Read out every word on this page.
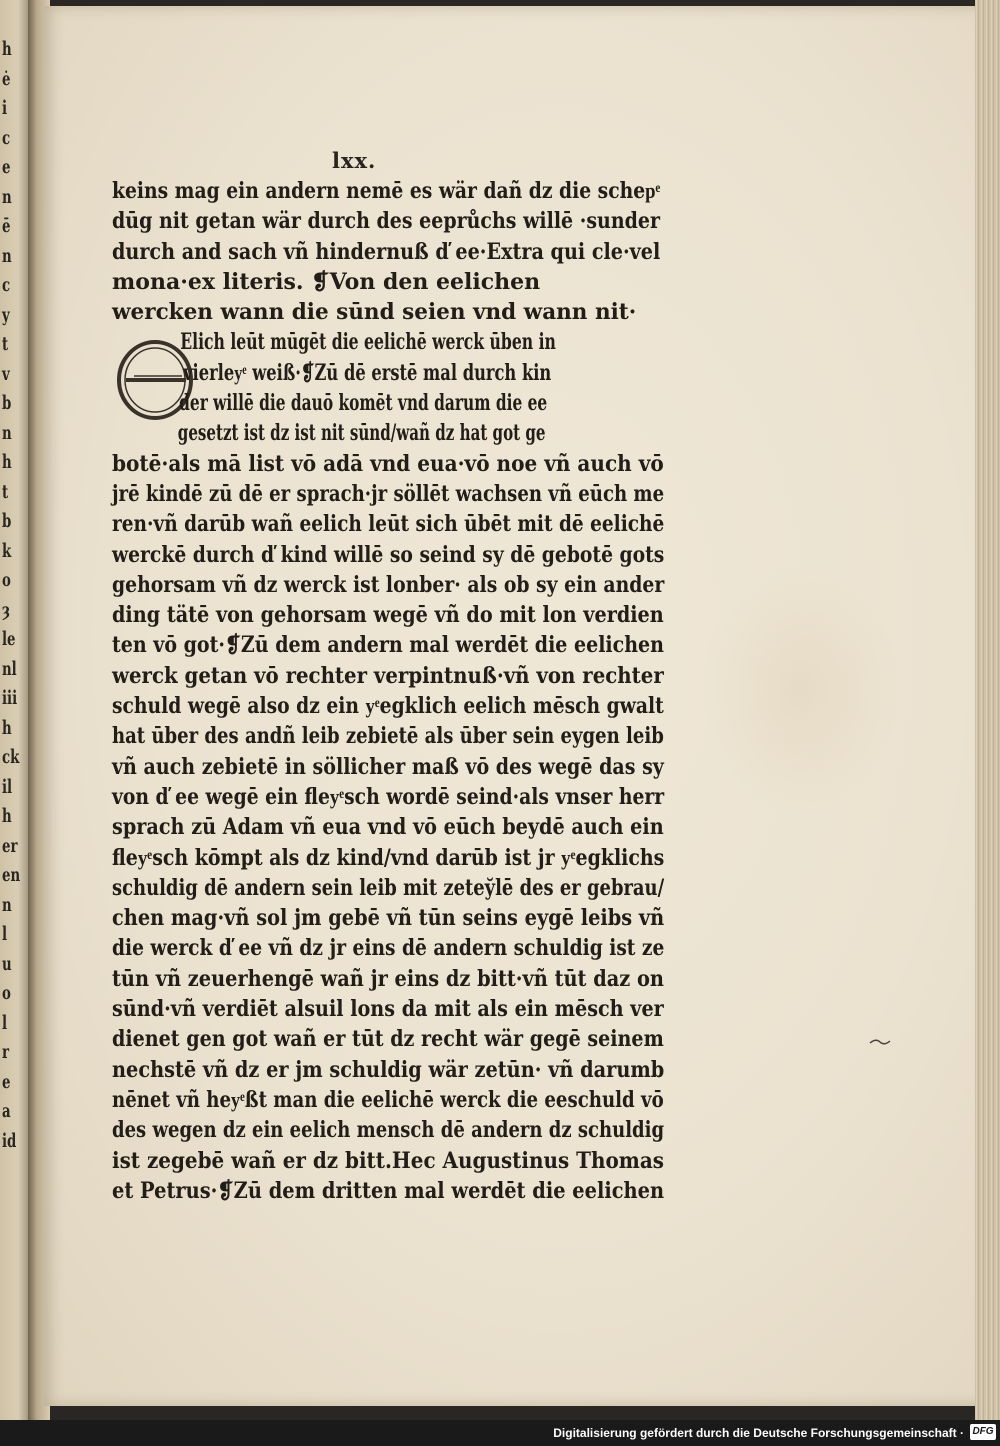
h
ė
i
c
e
n
ē
n
c
y
t
v
b
n
h
t
b
k
o
ȝ
le
nl
iii
h
ck
il
h
er
en
n
l
u
o
l
r
e
a
id
lxx.
E
keins mag ein andern nemē es wär dañ dz die schepͤ
dūg nit getan wär durch des eeprůchs willē ·sunder
durch and sach vñ hindernuß ď ee·Extra qui cle·vel
mona·ex literis. ❡Von den eelichen
wercken wann die sūnd seien vnd wann nit·
Elich leūt mūgēt die eelichē werck ūben in
vierleyͤ weiß·❡Zū dē erstē mal durch kin
der willē die dauō komēt vnd darum die ee
gesetzt ist dz ist nit sūnd/wañ dz hat got ge
botē·als mā list vō adā vnd eua·vō noe vñ auch vō
jrē kindē zū dē er sprach·jr söllēt wachsen vñ eūch me
ren·vñ darūb wañ eelich leūt sich ūbēt mit dē eelichē
werckē durch ď kind willē so seind sy dē gebotē gots
gehorsam vñ dz werck ist lonber· als ob sy ein ander
ding tätē von gehorsam wegē vñ do mit lon verdien
ten vō got·❡Zū dem andern mal werdēt die eelichen
werck getan vō rechter verpintnuß·vñ von rechter
schuld wegē also dz ein yͤegklich eelich mēsch gwalt
hat ūber des andñ leib zebietē als ūber sein eygen leib
vñ auch zebietē in söllicher maß vō des wegē das sy
von ď ee wegē ein fleyͤsch wordē seind·als vnser herr
sprach zū Adam vñ eua vnd vō eūch beydē auch ein
fleyͤsch kōmpt als dz kind/vnd darūb ist jr yͤegklichs
schuldig dē andern sein leib mit zetey̆lē des er gebrau/
chen mag·vñ sol jm gebē vñ tūn seins eygē leibs vñ
die werck ď ee vñ dz jr eins dē andern schuldig ist ze
tūn vñ zeuerhengē wañ jr eins dz bitt·vñ tūt daz on
sūnd·vñ verdiēt alsuil lons da mit als ein mēsch ver
dienet gen got wañ er tūt dz recht wär gegē seinem
nechstē vñ dz er jm schuldig wär zetūn· vñ darumb
nēnet vñ heyͤßt man die eelichē werck die eeschuld vō
des wegen dz ein eelich mensch dē andern dz schuldig
ist zegebē wañ er dz bitt.Hec Augustinus Thomas
et Petrus·❡Zū dem dritten mal werdēt die eelichen
Digitalisierung gefördert durch die Deutsche Forschungsgemeinschaft · DFG
